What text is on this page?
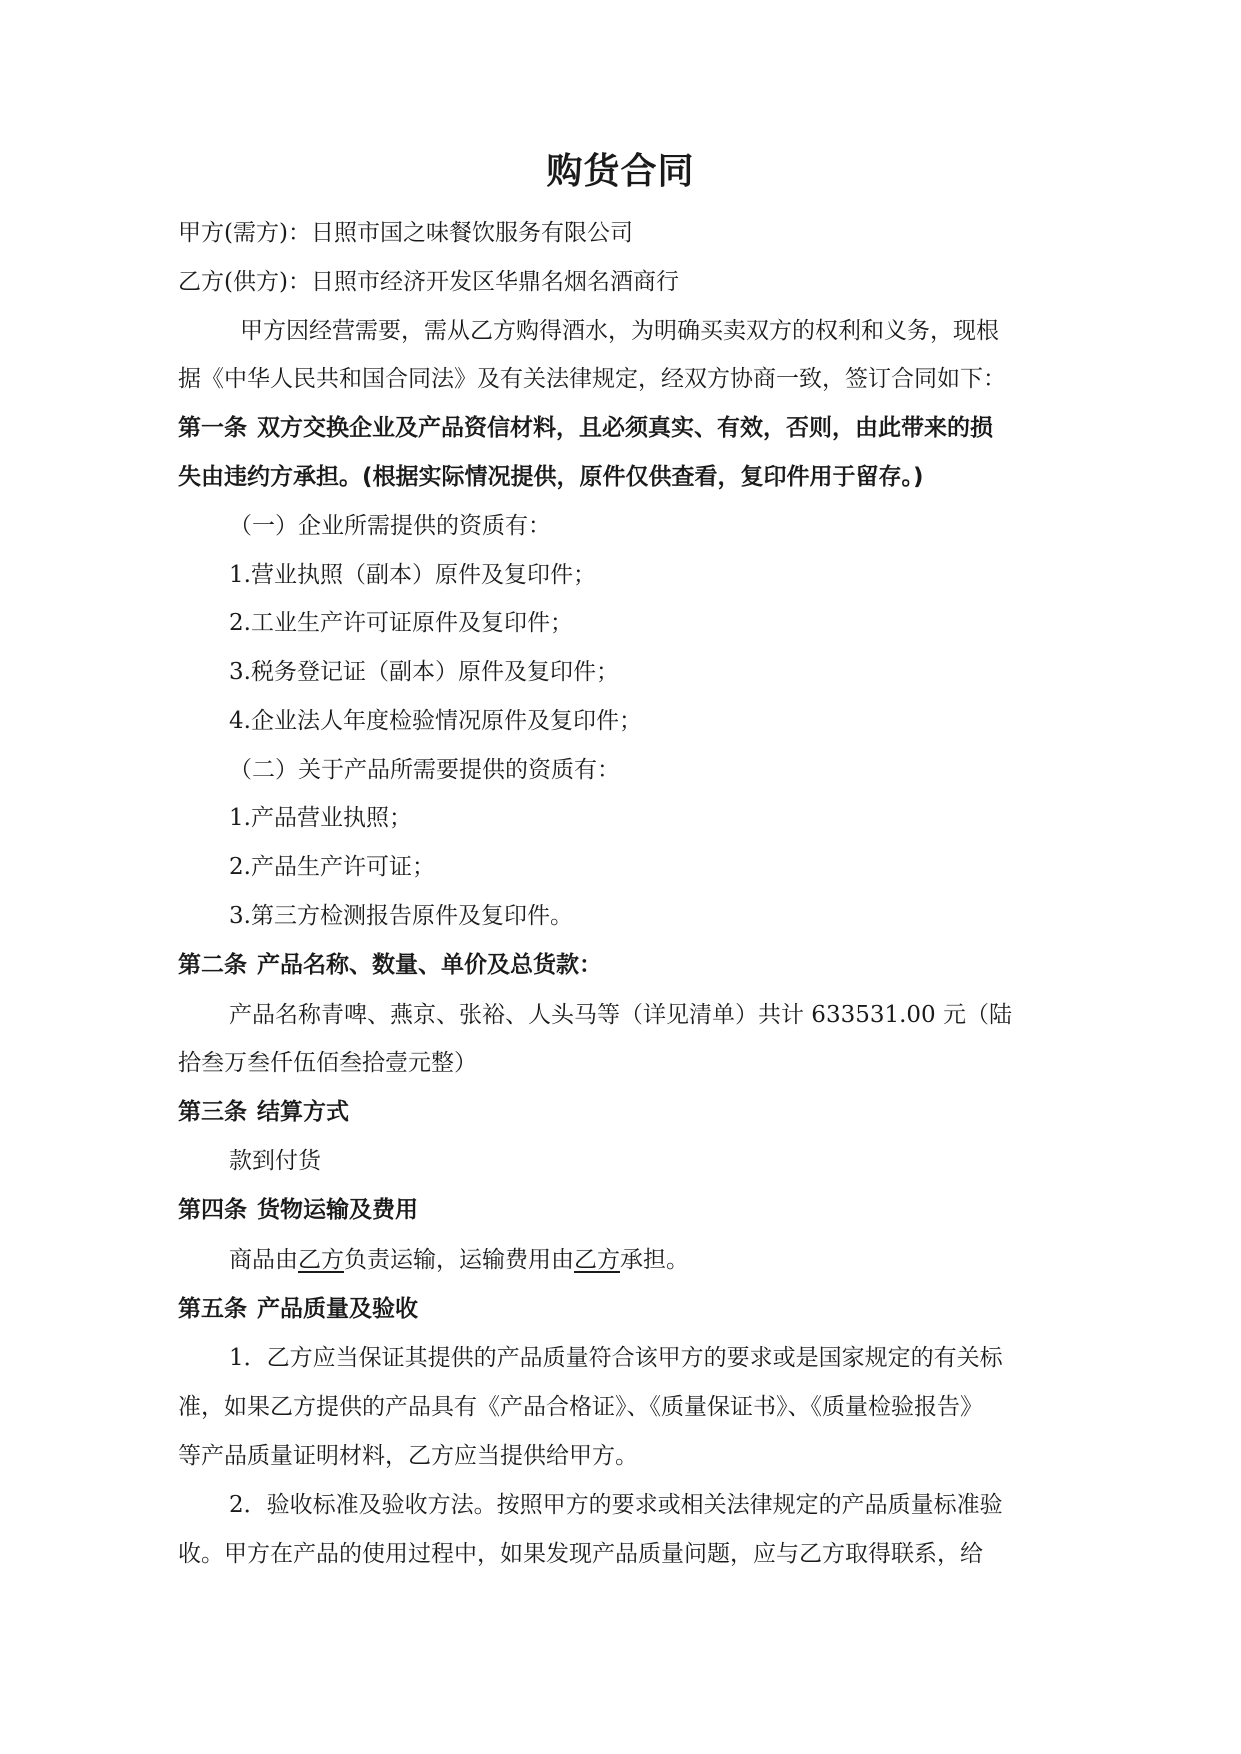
购货合同
甲方(需方)：日照市国之味餐饮服务有限公司
乙方(供方)：日照市经济开发区华鼎名烟名酒商行
甲方因经营需要，需从乙方购得酒水，为明确买卖双方的权利和义务，现根
据《中华人民共和国合同法》及有关法律规定，经双方协商一致，签订合同如下：
第一条 双方交换企业及产品资信材料，且必须真实、有效，否则，由此带来的损
失由违约方承担。(根据实际情况提供，原件仅供查看，复印件用于留存。)
（一）企业所需提供的资质有：
1.营业执照（副本）原件及复印件；
2.工业生产许可证原件及复印件；
3.税务登记证（副本）原件及复印件；
4.企业法人年度检验情况原件及复印件；
（二）关于产品所需要提供的资质有：
1.产品营业执照；
2.产品生产许可证；
3.第三方检测报告原件及复印件。
第二条 产品名称、数量、单价及总货款：
产品名称青啤、燕京、张裕、人头马等（详见清单）共计 633531.00 元（陆
拾叁万叁仟伍佰叁拾壹元整）
第三条 结算方式
款到付货
第四条 货物运输及费用
商品由乙方负责运输，运输费用由乙方承担。
第五条 产品质量及验收
1．乙方应当保证其提供的产品质量符合该甲方的要求或是国家规定的有关标
准，如果乙方提供的产品具有《产品合格证》、《质量保证书》、《质量检验报告》
等产品质量证明材料，乙方应当提供给甲方。
2．验收标准及验收方法。按照甲方的要求或相关法律规定的产品质量标准验
收。甲方在产品的使用过程中，如果发现产品质量问题，应与乙方取得联系，给
